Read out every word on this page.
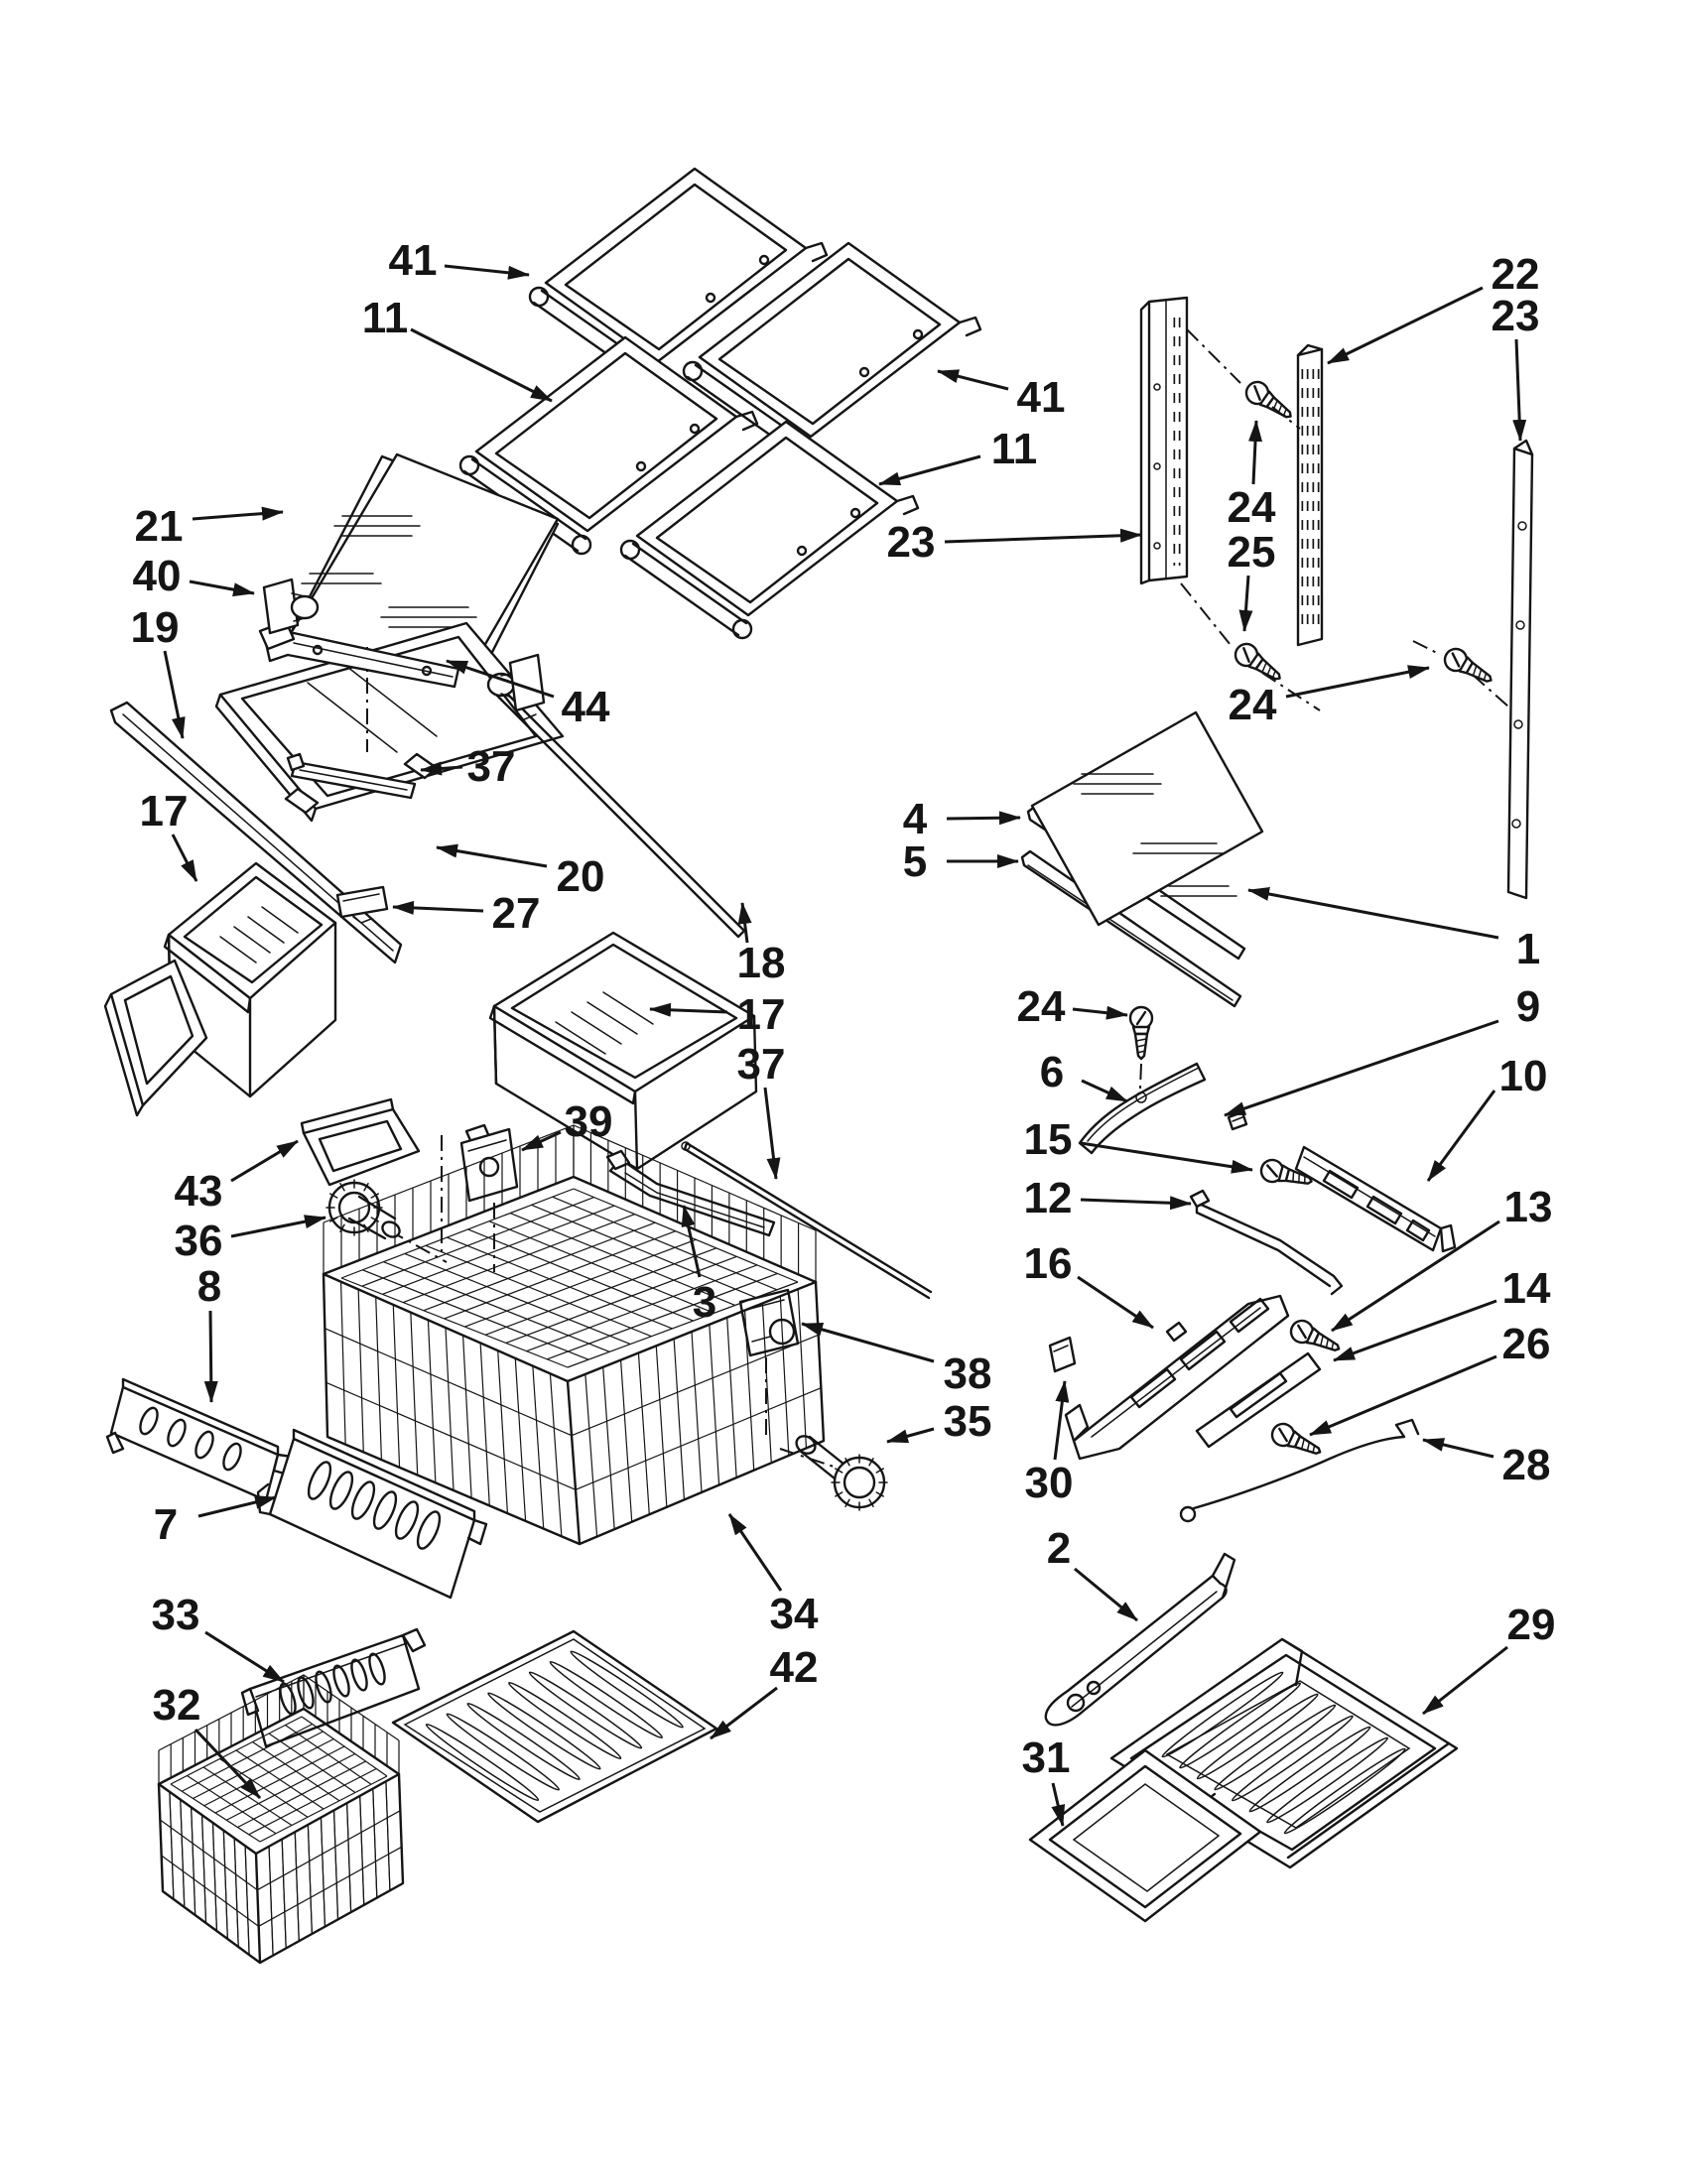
41
11
41
11
23
21
40
19
44
37
17
20
27
18
17
37
22
23
24
25
24
4
5
1
24	9
6	10
15
12
16
13
14
26
28
39
43
36
8	3
38
35
7
34
2
42
33
32
29
31
30
